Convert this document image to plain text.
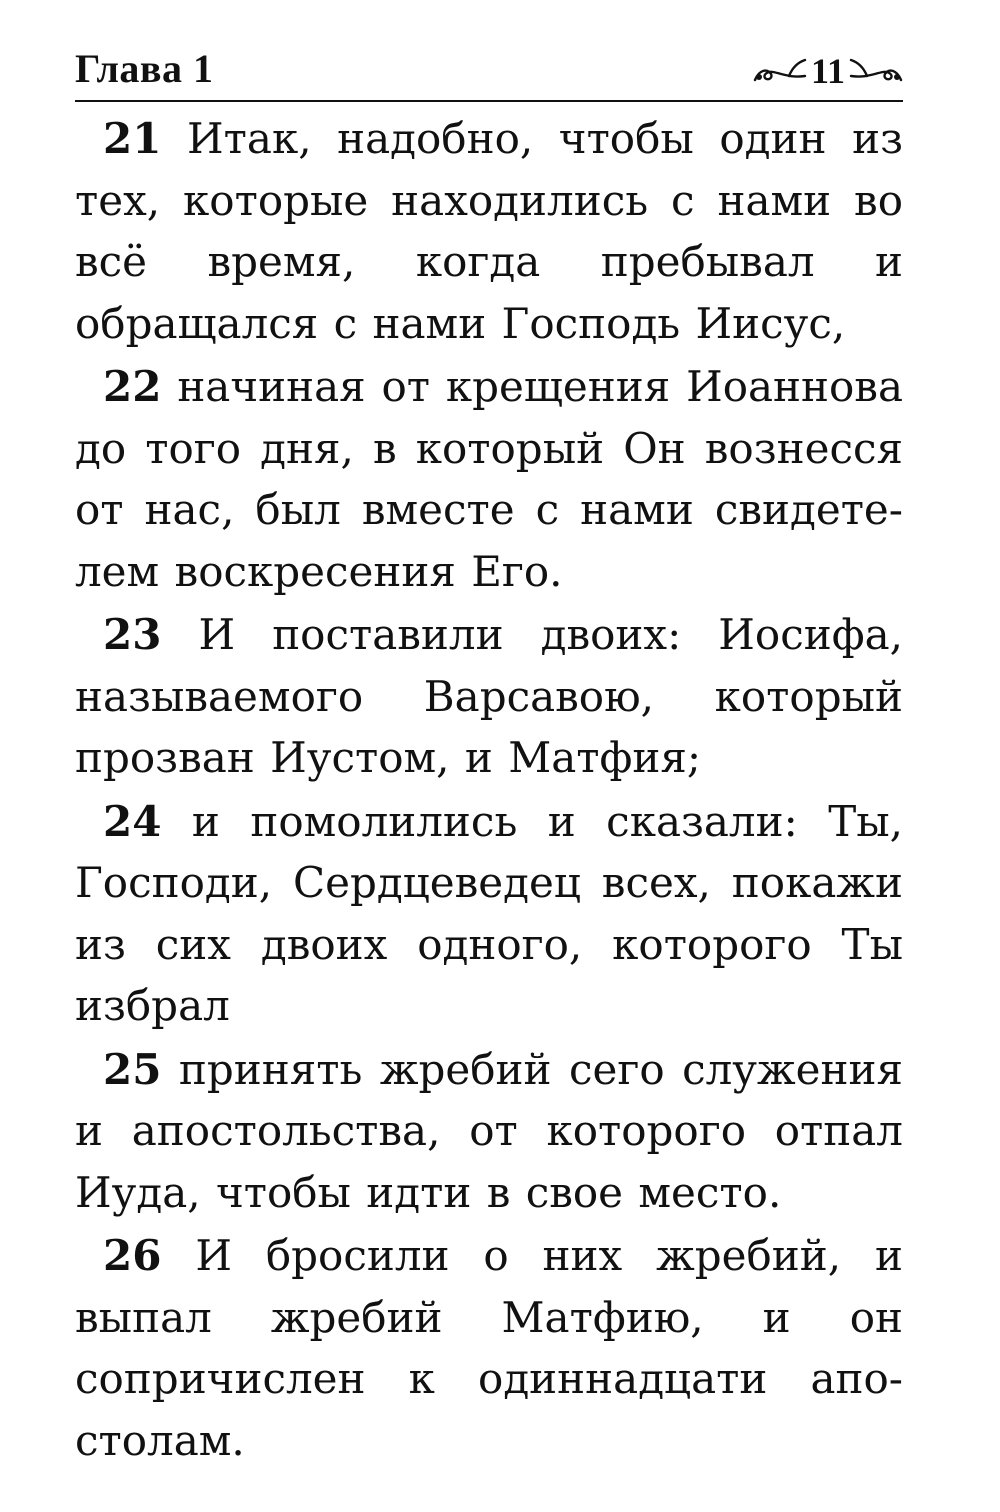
Глава 1	11

21 Итак, надобно, чтобы один из тех, которые находились с нами во всё время, когда пребывал и обращался с нами Господь Иисус,

22 начиная от крещения Иоаннова до того дня, в который Он вознесся от нас, был вместе с нами свидетелем воскресения Его.

23 И поставили двоих: Иосифа, называемого Варсавою, который прозван Иустом, и Матфия;

24 и помолились и сказали: Ты, Господи, Сердцеведец всех, покажи из сих двоих одного, которого Ты избрал

25 принять жребий сего служения и апостольства, от которого отпал Иуда, чтобы идти в свое место.

26 И бросили о них жребий, и выпал жребий Матфию, и он сопричислен к одиннадцати апостолам.
